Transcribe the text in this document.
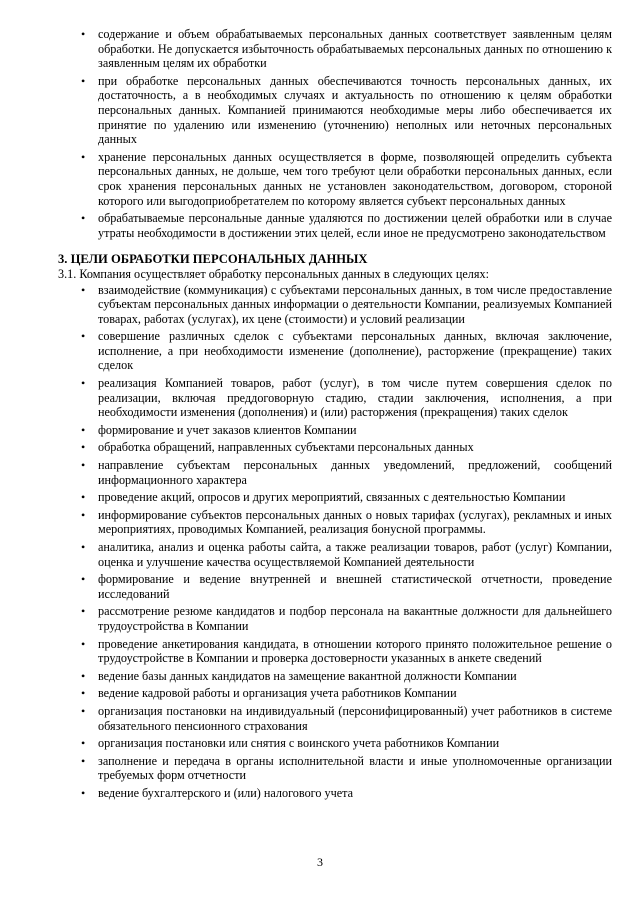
• содержание и объем обрабатываемых персональных данных соответствует заявленным целям обработки. Не допускается избыточность обрабатываемых персональных данных по отношению к заявленным целям их обработки
• при обработке персональных данных обеспечиваются точность персональных данных, их достаточность, а в необходимых случаях и актуальность по отношению к целям обработки персональных данных. Компанией принимаются необходимые меры либо обеспечивается их принятие по удалению или изменению (уточнению) неполных или неточных персональных данных
• хранение персональных данных осуществляется в форме, позволяющей определить субъекта персональных данных, не дольше, чем того требуют цели обработки персональных данных, если срок хранения персональных данных не установлен законодательством, договором, стороной которого или выгодоприобретателем по которому является субъект персональных данных
• обрабатываемые персональные данные удаляются по достижении целей обработки или в случае утраты необходимости в достижении этих целей, если иное не предусмотрено законодательством
3. ЦЕЛИ ОБРАБОТКИ ПЕРСОНАЛЬНЫХ ДАННЫХ
3.1. Компания осуществляет обработку персональных данных в следующих целях:
• взаимодействие (коммуникация) с субъектами персональных данных, в том числе предоставление субъектам персональных данных информации о деятельности Компании, реализуемых Компанией товарах, работах (услугах), их цене (стоимости) и условий реализации
• совершение различных сделок с субъектами персональных данных, включая заключение, исполнение, а при необходимости изменение (дополнение), расторжение (прекращение) таких сделок
• реализация Компанией товаров, работ (услуг), в том числе путем совершения сделок по реализации, включая преддоговорную стадию, стадии заключения, исполнения, а при необходимости изменения (дополнения) и (или) расторжения (прекращения) таких сделок
• формирование и учет заказов клиентов Компании
• обработка обращений, направленных субъектами персональных данных
• направление субъектам персональных данных уведомлений, предложений, сообщений информационного характера
• проведение акций, опросов и других мероприятий, связанных с деятельностью Компании
• информирование субъектов персональных данных о новых тарифах (услугах), рекламных и иных мероприятиях, проводимых Компанией, реализация бонусной программы.
• аналитика, анализ и оценка работы сайта, а также реализации товаров, работ (услуг) Компании, оценка и улучшение качества осуществляемой Компанией деятельности
• формирование и ведение внутренней и внешней статистической отчетности, проведение исследований
• рассмотрение резюме кандидатов и подбор персонала на вакантные должности для дальнейшего трудоустройства в Компании
• проведение анкетирования кандидата, в отношении которого принято положительное решение о трудоустройстве в Компании и проверка достоверности указанных в анкете сведений
• ведение базы данных кандидатов на замещение вакантной должности Компании
• ведение кадровой работы и организация учета работников Компании
• организация постановки на индивидуальный (персонифицированный) учет работников в системе обязательного пенсионного страхования
• организация постановки или снятия с воинского учета работников Компании
• заполнение и передача в органы исполнительной власти и иные уполномоченные организации требуемых форм отчетности
• ведение бухгалтерского и (или) налогового учета
3
